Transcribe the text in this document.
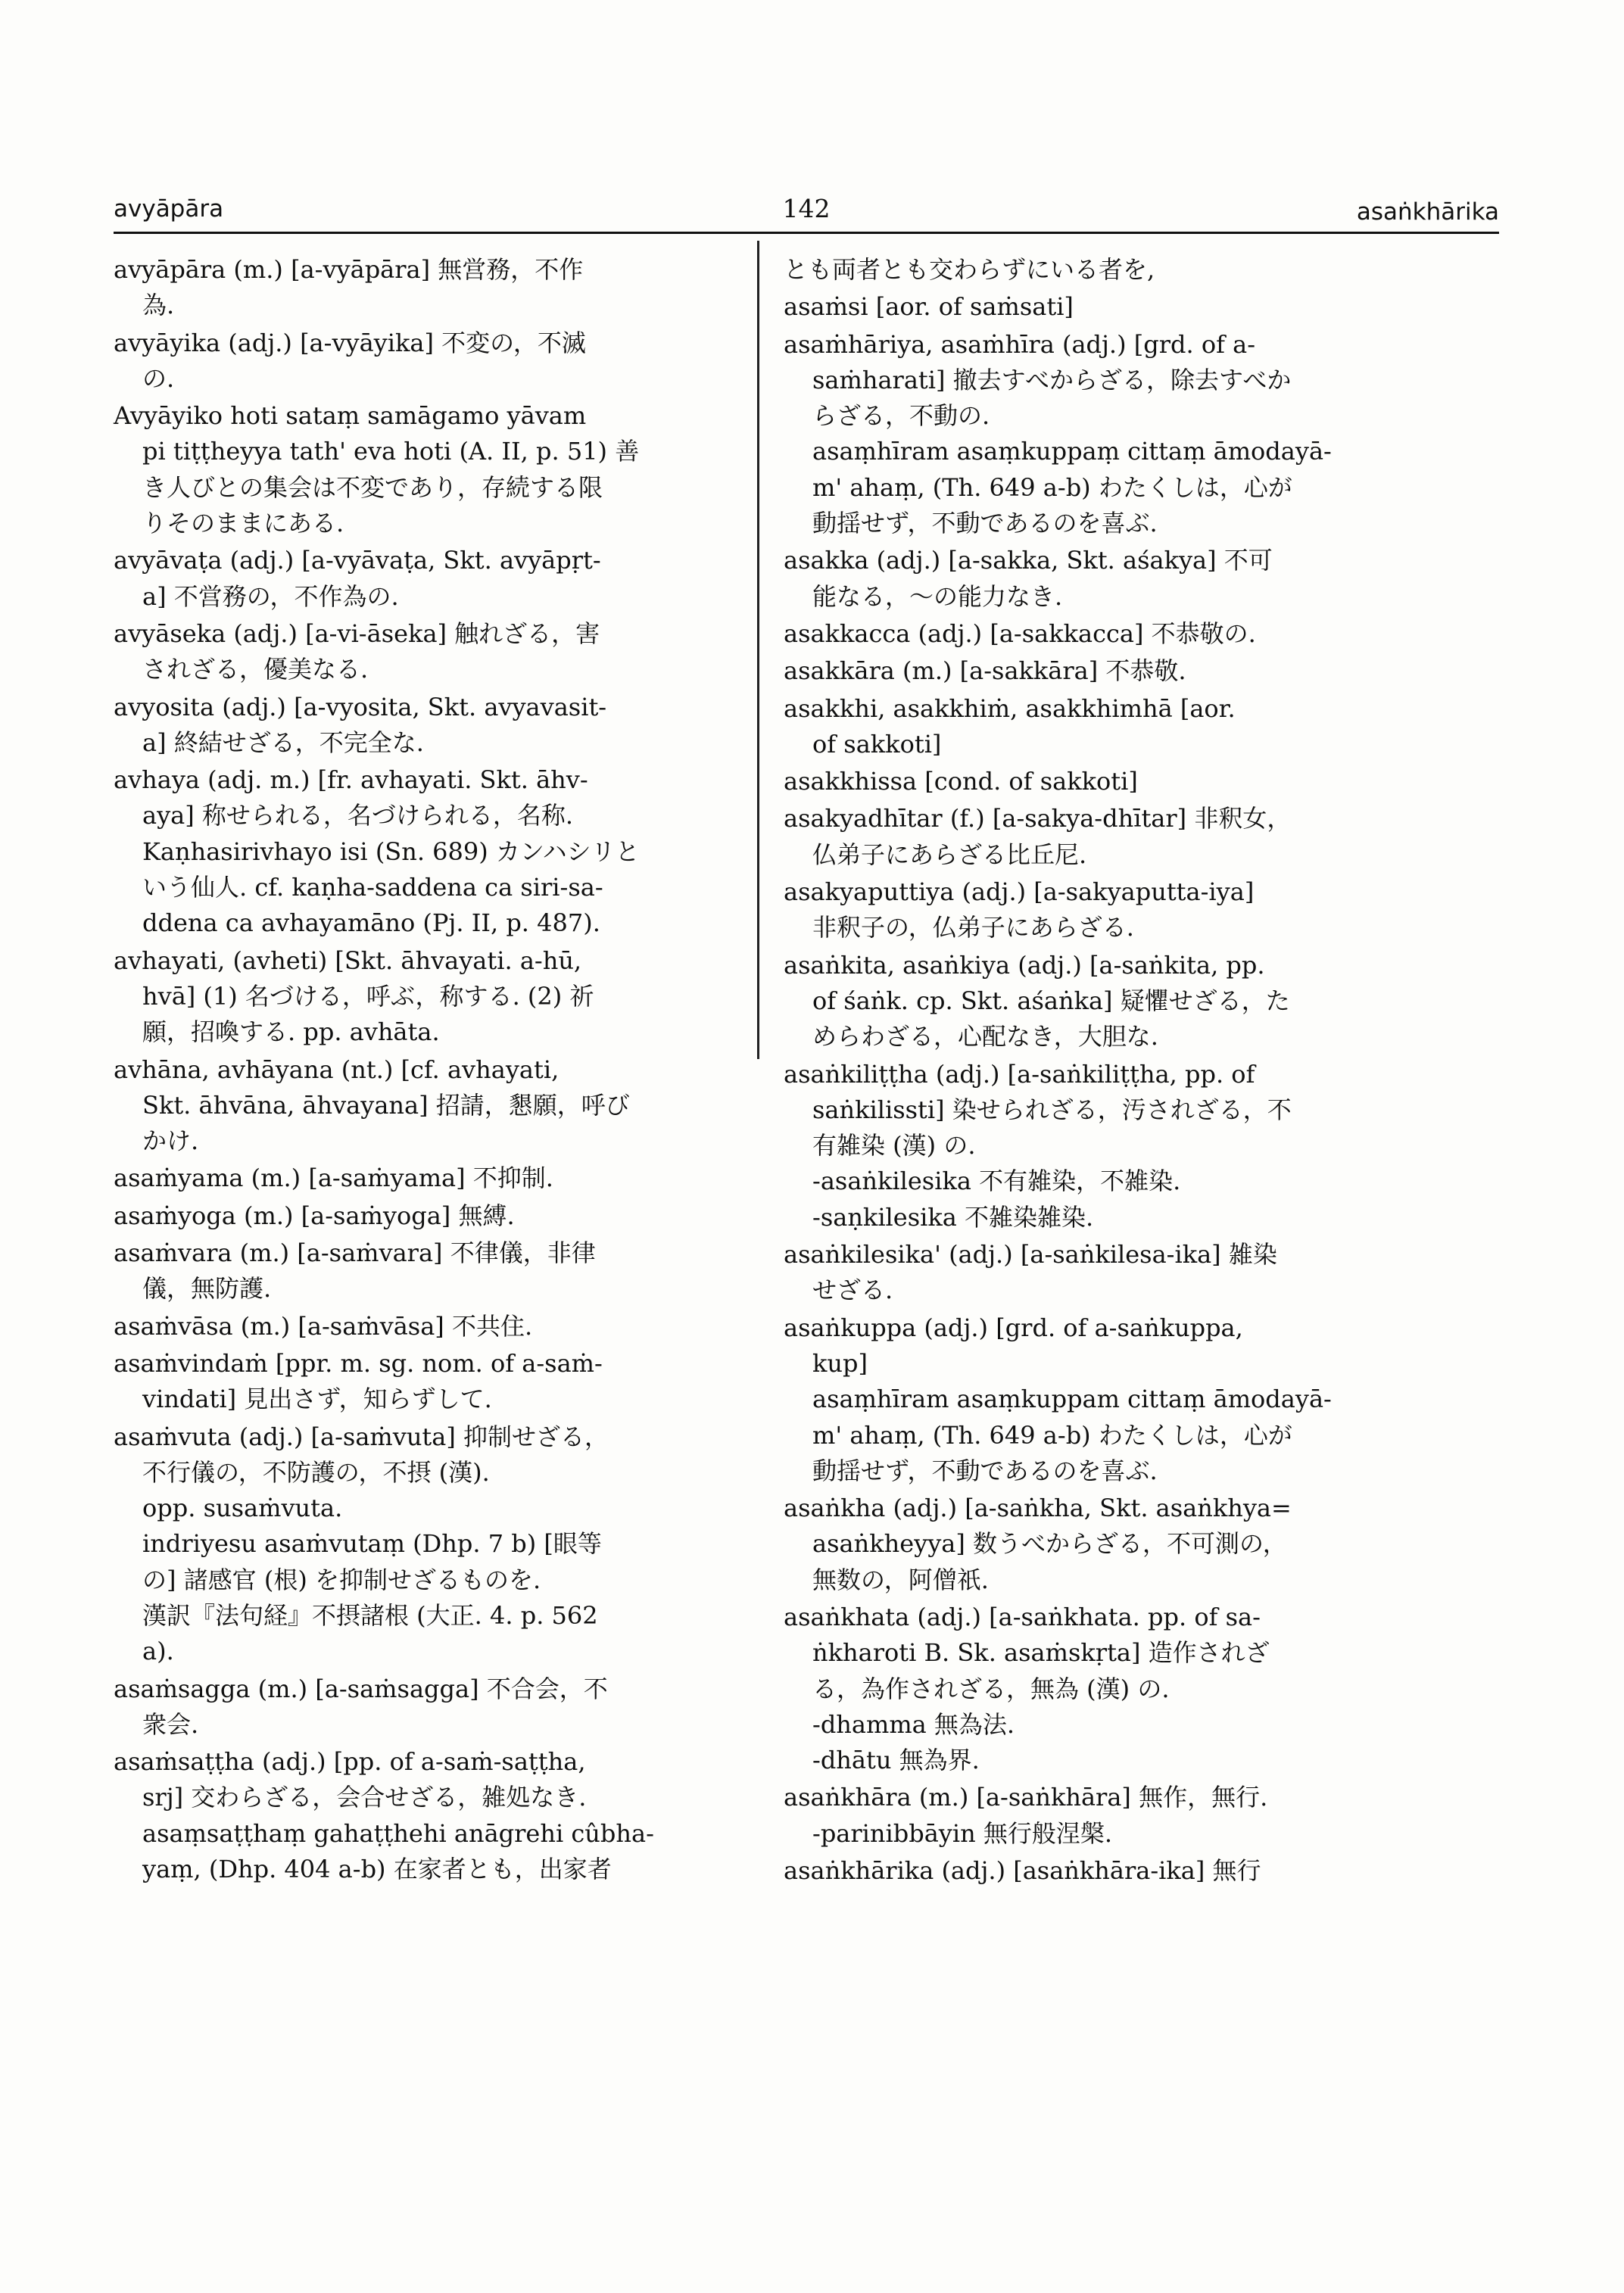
avyāpāra	142	asaṅkhārika

avyāpāra (m.) [a-vyāpāra] 無営務，不作

為.

avyāyika (adj.) [a-vyāyika] 不変の，不滅

の.

Avyāyiko hoti sataṃ samāgamo yāvam

pi tiṭṭheyya tath' eva hoti (A. II, p. 51) 善

き人びとの集会は不変であり，存続する限

りそのままにある.

avyāvaṭa (adj.) [a-vyāvaṭa, Skt. avyāpṛt-

a] 不営務の，不作為の.

avyāseka (adj.) [a-vi-āseka] 触れざる，害

されざる，優美なる.

avyosita (adj.) [a-vyosita, Skt. avyavasit-

a] 終結せざる，不完全な.

avhaya (adj. m.) [fr. avhayati. Skt. āhv-

aya] 称せられる，名づけられる，名称.

Kaṇhasirivhayo isi (Sn. 689) カンハシリと

いう仙人. cf. kaṇha-saddena ca siri-sa-

ddena ca avhayamāno (Pj. II, p. 487).

avhayati, (avheti) [Skt. āhvayati. a-hū,

hvā] (1) 名づける，呼ぶ，称する. (2) 祈

願，招喚する. pp. avhāta.

avhāna, avhāyana (nt.) [cf. avhayati,

Skt. āhvāna, āhvayana] 招請，懇願，呼び

かけ.

asaṁyama (m.) [a-saṁyama] 不抑制.

asaṁyoga (m.) [a-saṁyoga] 無縛.

asaṁvara (m.) [a-saṁvara] 不律儀，非律

儀，無防護.

asaṁvāsa (m.) [a-saṁvāsa] 不共住.

asaṁvindaṁ [ppr. m. sg. nom. of a-saṁ-

vindati] 見出さず，知らずして.

asaṁvuta (adj.) [a-saṁvuta] 抑制せざる，

不行儀の，不防護の，不摂 (漢).

opp. susaṁvuta.

indriyesu asaṁvutaṃ (Dhp. 7 b) [眼等

の] 諸感官 (根) を抑制せざるものを.

漢訳『法句経』不摂諸根 (大正. 4. p. 562

a).

asaṁsagga (m.) [a-saṁsagga] 不合会，不

衆会.

asaṁsaṭṭha (adj.) [pp. of a-saṁ-saṭṭha,

srj] 交わらざる，会合せざる，雑処なき.

asaṃsaṭṭhaṃ gahaṭṭhehi anāgrehi cûbha-

yaṃ, (Dhp. 404 a-b) 在家者とも，出家者

とも両者とも交わらずにいる者を,

asaṁsi [aor. of saṁsati]

asaṁhāriya, asaṁhīra (adj.) [grd. of a-

saṁharati] 撤去すべからざる，除去すべか

らざる，不動の.

asaṃhīram asaṃkuppaṃ cittaṃ āmodayā-

m' ahaṃ, (Th. 649 a-b) わたくしは，心が

動揺せず，不動であるのを喜ぶ.

asakka (adj.) [a-sakka, Skt. aśakya] 不可

能なる，～の能力なき.

asakkacca (adj.) [a-sakkacca] 不恭敬の.

asakkāra (m.) [a-sakkāra] 不恭敬.

asakkhi, asakkhiṁ, asakkhimhā [aor.

of sakkoti]

asakkhissa [cond. of sakkoti]

asakyadhītar (f.) [a-sakya-dhītar] 非釈女，

仏弟子にあらざる比丘尼.

asakyaputtiya (adj.) [a-sakyaputta-iya]

非釈子の，仏弟子にあらざる.

asaṅkita, asaṅkiya (adj.) [a-saṅkita, pp.

of śaṅk. cp. Skt. aśaṅka] 疑懼せざる，た

めらわざる，心配なき，大胆な.

asaṅkiliṭṭha (adj.) [a-saṅkiliṭṭha, pp. of

saṅkilissti] 染せられざる，汚されざる，不

有雑染 (漢) の.

-asaṅkilesika 不有雑染，不雑染.

-saṇkilesika 不雑染雑染.

asaṅkilesika' (adj.) [a-saṅkilesa-ika] 雑染

せざる.

asaṅkuppa (adj.) [grd. of a-saṅkuppa,

kup]

asaṃhīram asaṃkuppam cittaṃ āmodayā-

m' ahaṃ, (Th. 649 a-b) わたくしは，心が

動揺せず，不動であるのを喜ぶ.

asaṅkha (adj.) [a-saṅkha, Skt. asaṅkhya=

asaṅkheyya] 数うべからざる，不可測の，

無数の，阿僧祇.

asaṅkhata (adj.) [a-saṅkhata. pp. of sa-

ṅkharoti B. Sk. asaṁskṛta] 造作されざ

る，為作されざる，無為 (漢) の.

-dhamma 無為法.

-dhātu 無為界.

asaṅkhāra (m.) [a-saṅkhāra] 無作，無行.

-parinibbāyin 無行般涅槃.

asaṅkhārika (adj.) [asaṅkhāra-ika] 無行
